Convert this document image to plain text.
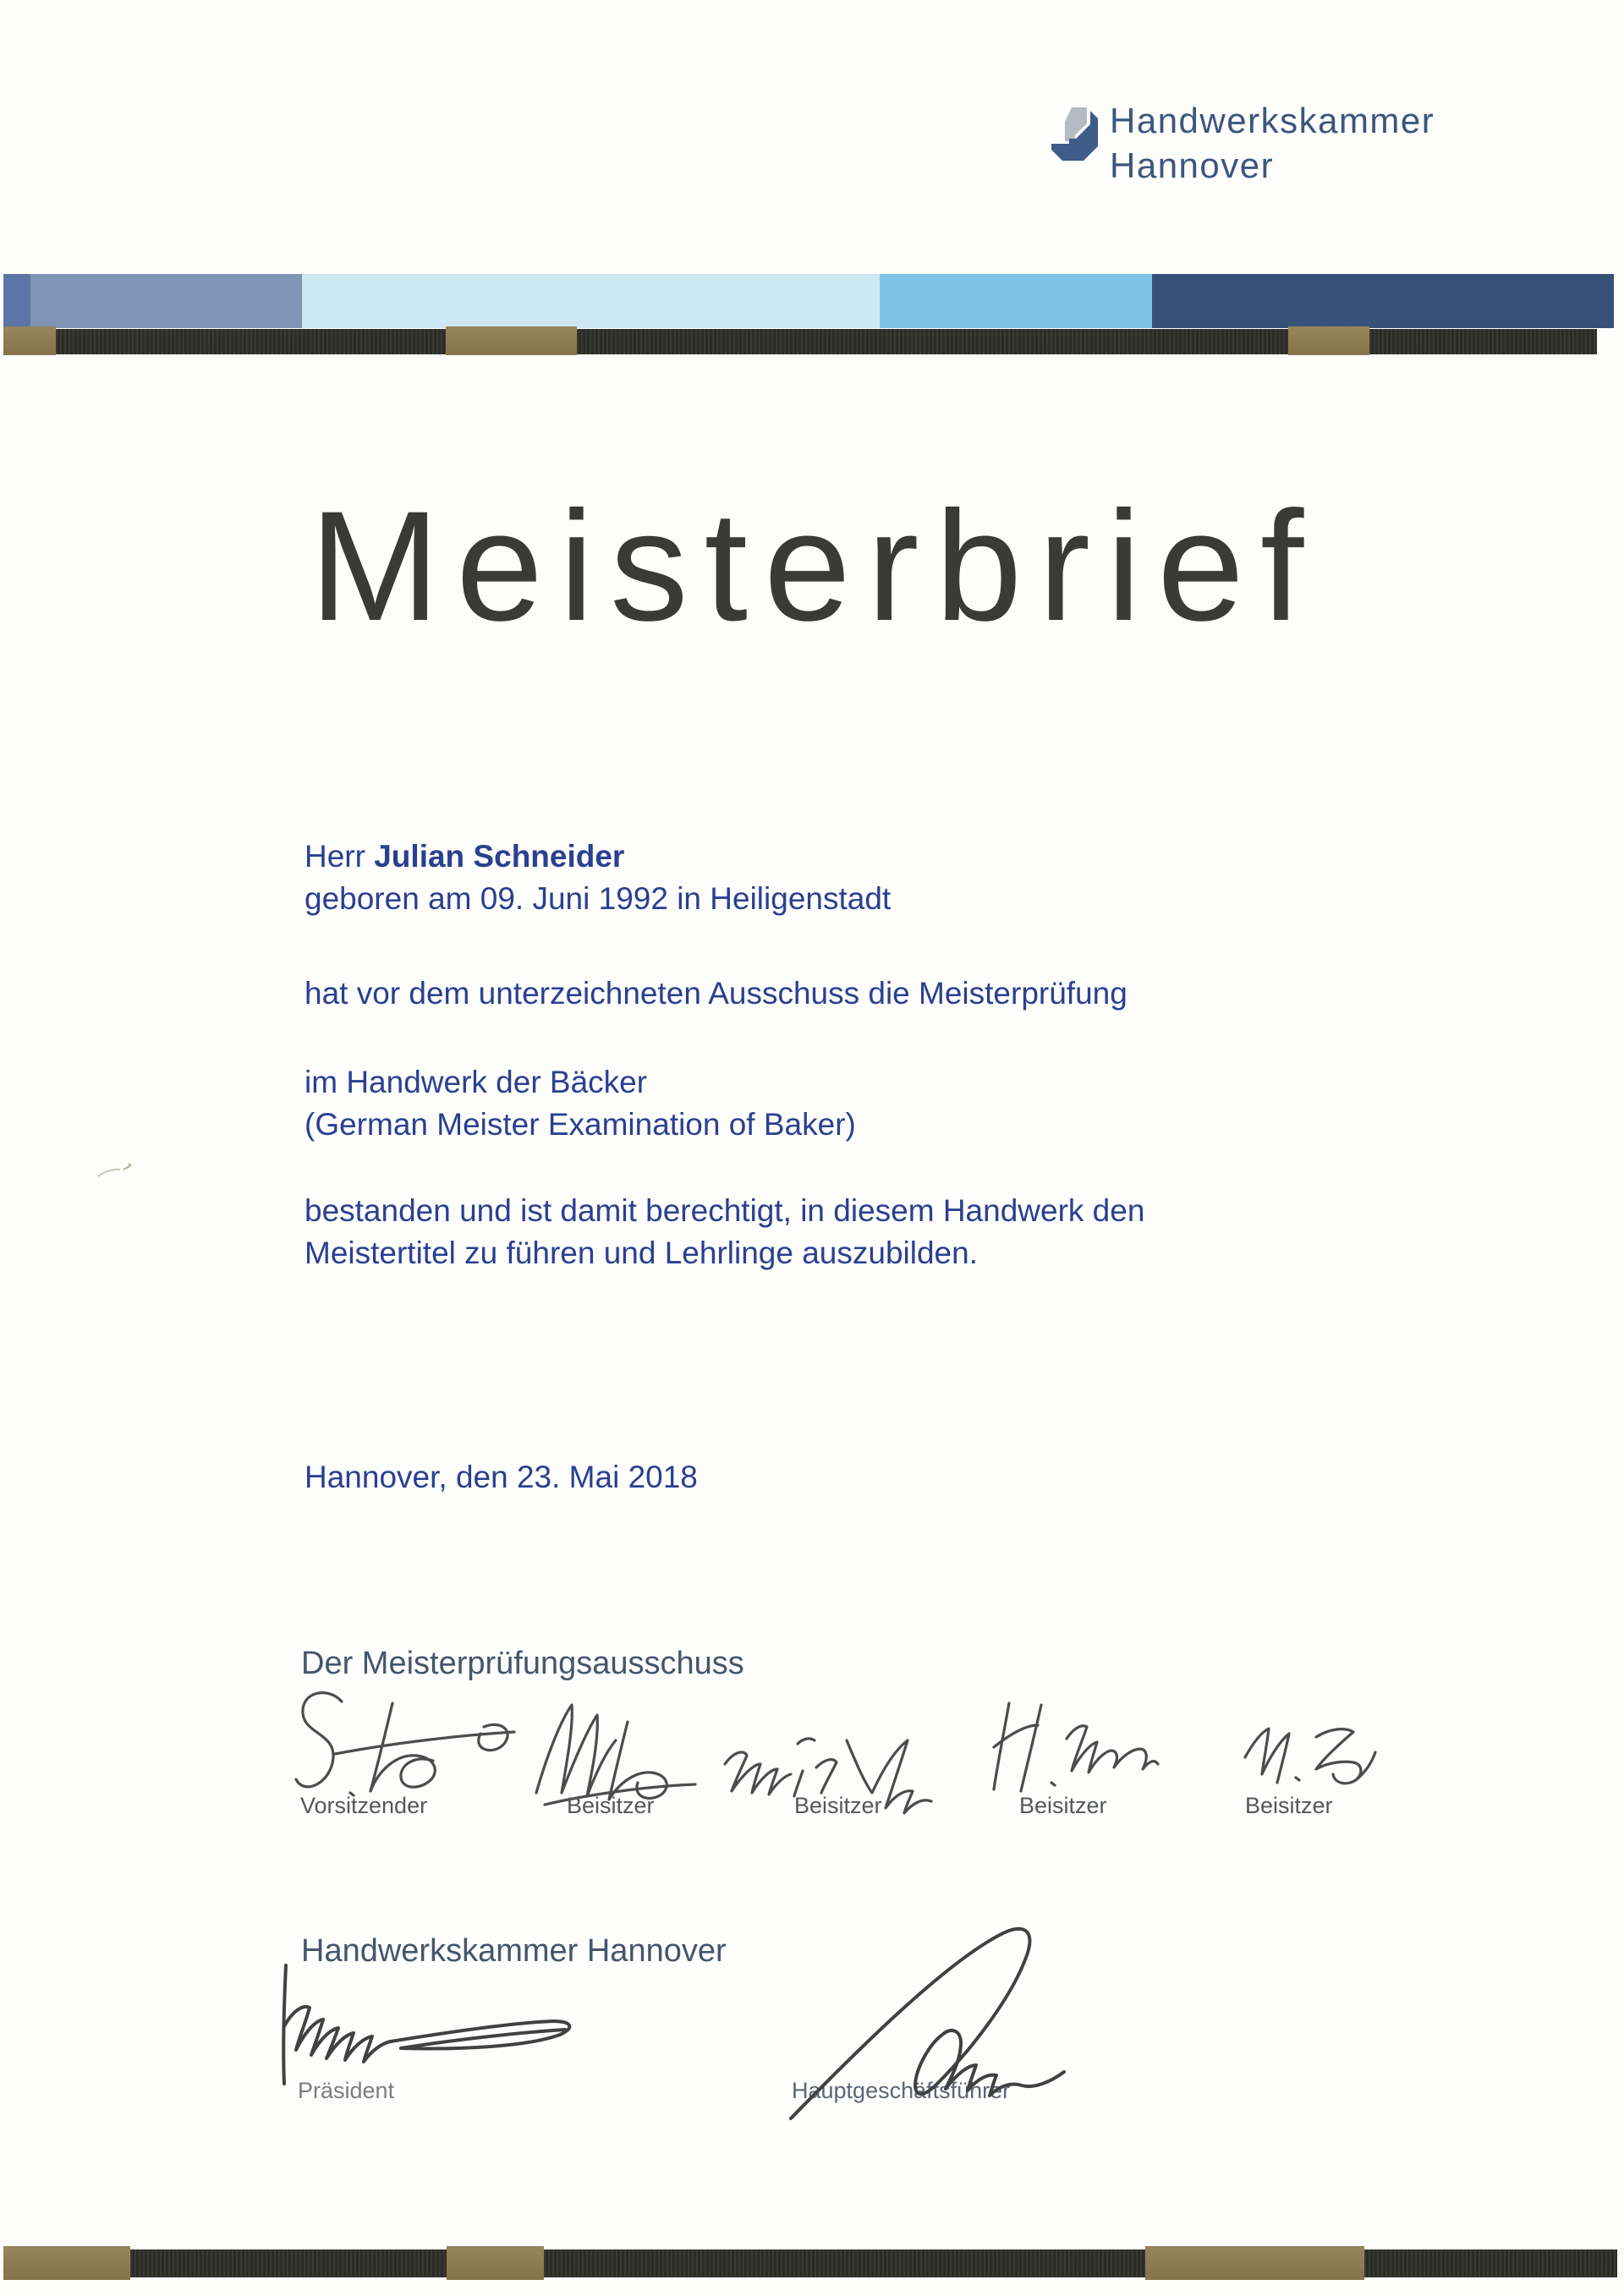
Handwerkskammer
Hannover
Meisterbrief
Herr Julian Schneider
geboren am 09. Juni 1992 in Heiligenstadt
hat vor dem unterzeichneten Ausschuss die Meisterprüfung
im Handwerk der Bäcker
(German Meister Examination of Baker)
bestanden und ist damit berechtigt, in diesem Handwerk den
Meistertitel zu führen und Lehrlinge auszubilden.
Hannover, den 23. Mai 2018
Der Meisterprüfungsausschuss
Vorsitzender	Beisitzer	Beisitzer	Beisitzer	Beisitzer
Handwerkskammer Hannover
Präsident	Hauptgeschäftsführer
